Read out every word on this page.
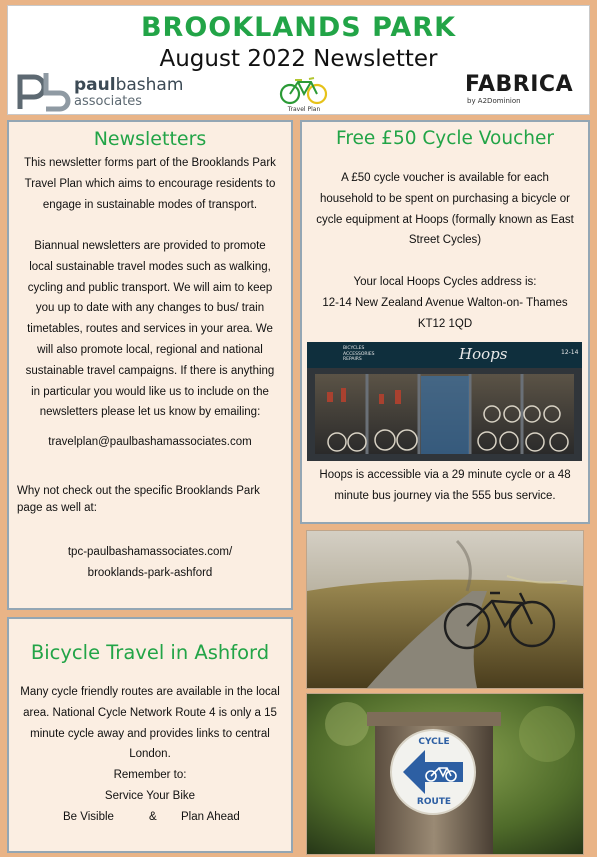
BROOKLANDS PARK
August 2022 Newsletter
paulbasham
associates
Travel Plan
FABRICA
by A2Dominion
Newsletters
This newsletter forms part of the Brooklands Park
Travel Plan which aims to encourage residents to
engage in sustainable modes of transport.
Biannual newsletters are provided to promote
local sustainable travel modes such as walking,
cycling and public transport. We will aim to keep
you up to date with any changes to bus/ train
timetables, routes and services in your area. We
will also promote local, regional and national
sustainable travel campaigns. If there is anything
in particular you would like us to include on the
newsletters please let us know by emailing:
travelplan@paulbashamassociates.com
Why not check out the specific Brooklands Park
page as well at:
tpc-paulbashamassociates.com/
brooklands-park-ashford
Free £50 Cycle Voucher
A £50 cycle voucher is available for each
household to be spent on purchasing a bicycle or
cycle equipment at Hoops (formally known as East
Street Cycles)
Your local Hoops Cycles address is:
12-14 New Zealand Avenue Walton-on- Thames
KT12 1QD
Hoops
BICYCLES ACCESSORIES REPAIRS
12-14
Hoops is accessible via a 29 minute cycle or a 48
minute bus journey via the 555 bus service.
CYCLE
ROUTE
Bicycle Travel in Ashford
Many cycle friendly routes are available in the local
area. National Cycle Network Route 4 is only a 15
minute cycle away and provides links to central
London.
Remember to:
Service Your Bike
Be Visible	& Plan Ahead
